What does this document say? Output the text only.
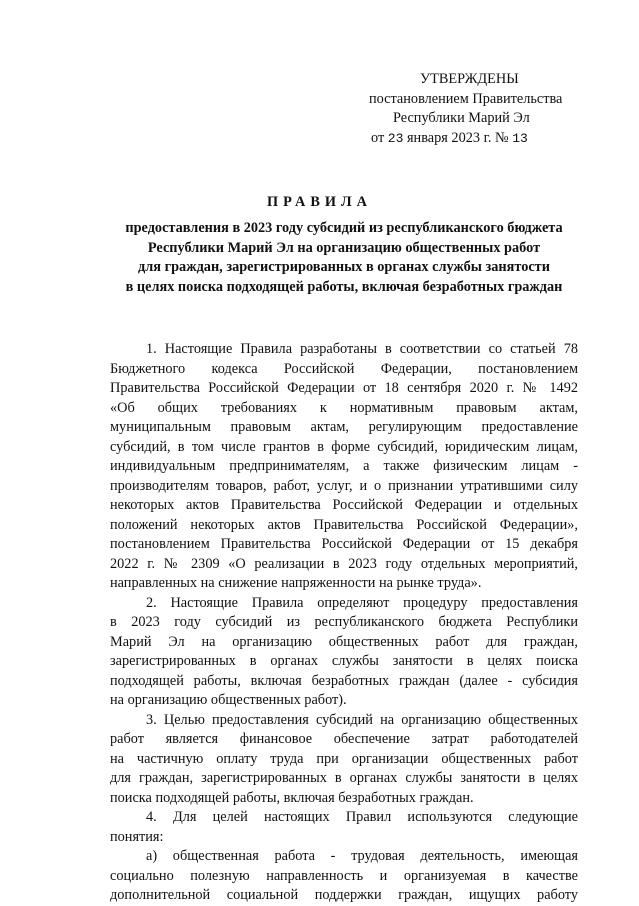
УТВЕРЖДЕНЫ
постановлением Правительства
Республики Марий Эл
от 23 января 2023 г. № 13
ПРАВИЛА
предоставления в 2023 году субсидий из республиканского бюджета
Республики Марий Эл на организацию общественных работ
для граждан, зарегистрированных в органах службы занятости
в целях поиска подходящей работы, включая безработных граждан
1. Настоящие Правила разработаны в соответствии со статьей 78
Бюджетного кодекса Российской Федерации, постановлением
Правительства Российской Федерации от 18 сентября 2020 г. № 1492
«Об общих требованиях к нормативным правовым актам,
муниципальным правовым актам, регулирующим предоставление
субсидий, в том числе грантов в форме субсидий, юридическим лицам,
индивидуальным предпринимателям, а также физическим лицам -
производителям товаров, работ, услуг, и о признании утратившими силу
некоторых актов Правительства Российской Федерации и отдельных
положений некоторых актов Правительства Российской Федерации»,
постановлением Правительства Российской Федерации от 15 декабря
2022 г. № 2309 «О реализации в 2023 году отдельных мероприятий,
направленных на снижение напряженности на рынке труда».
2. Настоящие Правила определяют процедуру предоставления
в 2023 году субсидий из республиканского бюджета Республики
Марий Эл на организацию общественных работ для граждан,
зарегистрированных в органах службы занятости в целях поиска
подходящей работы, включая безработных граждан (далее - субсидия
на организацию общественных работ).
3. Целью предоставления субсидий на организацию общественных
работ является финансовое обеспечение затрат работодателей
на частичную оплату труда при организации общественных работ
для граждан, зарегистрированных в органах службы занятости в целях
поиска подходящей работы, включая безработных граждан.
4. Для целей настоящих Правил используются следующие
понятия:
а) общественная работа - трудовая деятельность, имеющая
социально полезную направленность и организуемая в качестве
дополнительной социальной поддержки граждан, ищущих работу
